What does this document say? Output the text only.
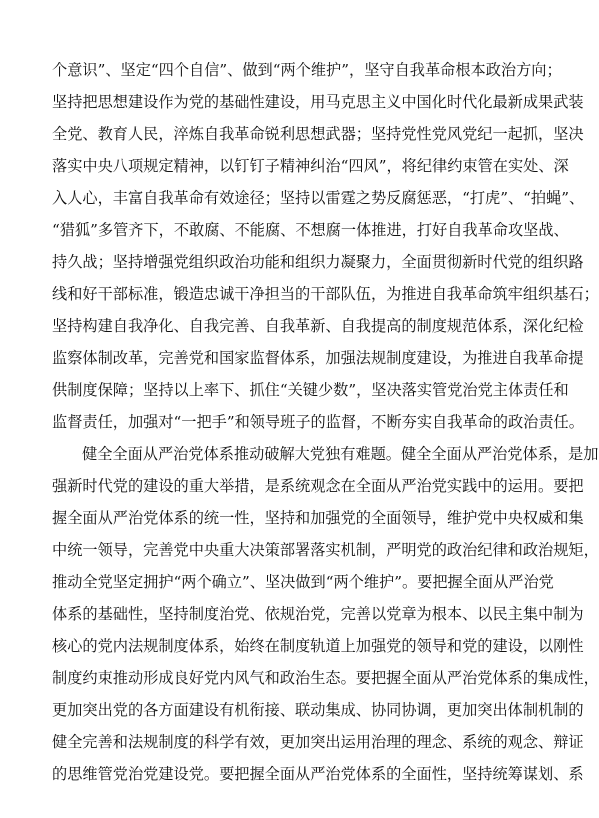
个意识”、坚定“四个自信”、做到“两个维护”，坚守自我革命根本政治方向；
坚持把思想建设作为党的基础性建设，用马克思主义中国化时代化最新成果武装
全党、教育人民，淬炼自我革命锐利思想武器；坚持党性党风党纪一起抓，坚决
落实中央八项规定精神，以钉钉子精神纠治“四风”，将纪律约束管在实处、深
入人心，丰富自我革命有效途径；坚持以雷霆之势反腐惩恶，“打虎”、“拍蝇”、
“猎狐”多管齐下，不敢腐、不能腐、不想腐一体推进，打好自我革命攻坚战、
持久战；坚持增强党组织政治功能和组织力凝聚力，全面贯彻新时代党的组织路
线和好干部标准，锻造忠诚干净担当的干部队伍，为推进自我革命筑牢组织基石；
坚持构建自我净化、自我完善、自我革新、自我提高的制度规范体系，深化纪检
监察体制改革，完善党和国家监督体系，加强法规制度建设，为推进自我革命提
供制度保障；坚持以上率下、抓住“关键少数”，坚决落实管党治党主体责任和
监督责任，加强对“一把手”和领导班子的监督，不断夯实自我革命的政治责任。
健全全面从严治党体系推动破解大党独有难题。健全全面从严治党体系，是加
强新时代党的建设的重大举措，是系统观念在全面从严治党实践中的运用。要把
握全面从严治党体系的统一性，坚持和加强党的全面领导，维护党中央权威和集
中统一领导，完善党中央重大决策部署落实机制，严明党的政治纪律和政治规矩，
推动全党坚定拥护“两个确立”、坚决做到“两个维护”。要把握全面从严治党
体系的基础性，坚持制度治党、依规治党，完善以党章为根本、以民主集中制为
核心的党内法规制度体系，始终在制度轨道上加强党的领导和党的建设，以刚性
制度约束推动形成良好党内风气和政治生态。要把握全面从严治党体系的集成性，
更加突出党的各方面建设有机衔接、联动集成、协同协调，更加突出体制机制的
健全完善和法规制度的科学有效，更加突出运用治理的理念、系统的观念、辩证
的思维管党治党建设党。要把握全面从严治党体系的全面性，坚持统筹谋划、系
